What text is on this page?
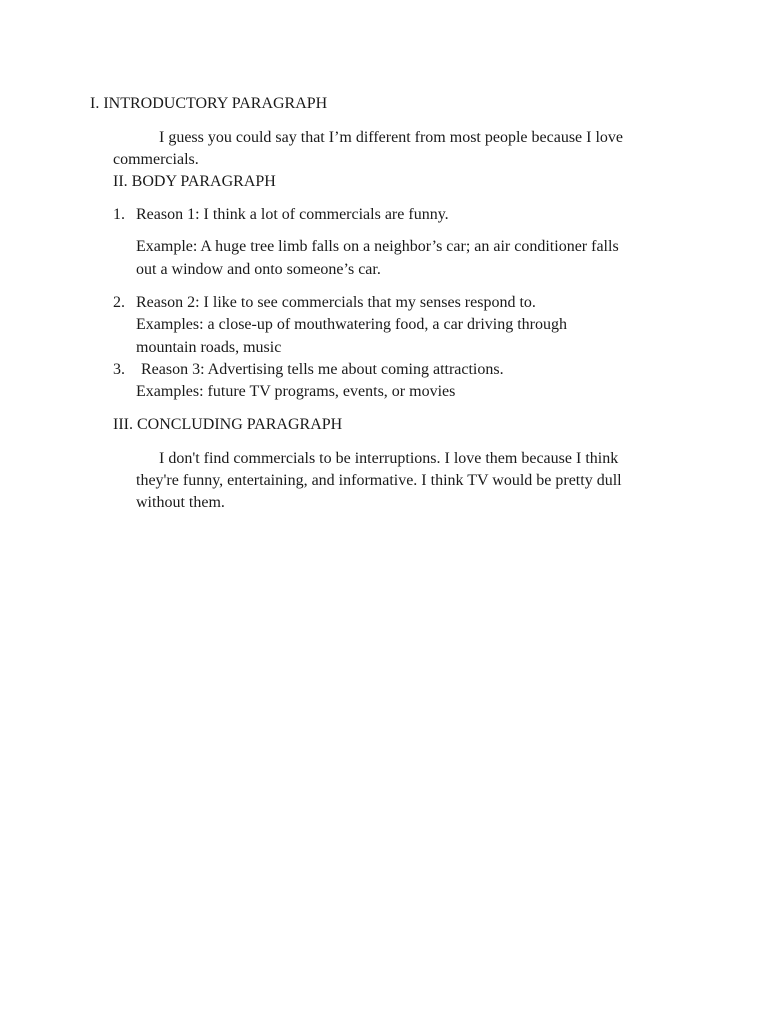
I. INTRODUCTORY PARAGRAPH
I guess you could say that I’m different from most people because I love
commercials.
II. BODY PARAGRAPH
1. Reason 1: I think a lot of commercials are funny.
Example: A huge tree limb falls on a neighbor’s car; an air conditioner falls
out a window and onto someone’s car.
2. Reason 2: I like to see commercials that my senses respond to.
Examples: a close-up of mouthwatering food, a car driving through
mountain roads, music
3. Reason 3: Advertising tells me about coming attractions.
Examples: future TV programs, events, or movies
III. CONCLUDING PARAGRAPH
I don't find commercials to be interruptions. I love them because I think
they're funny, entertaining, and informative. I think TV would be pretty dull
without them.
